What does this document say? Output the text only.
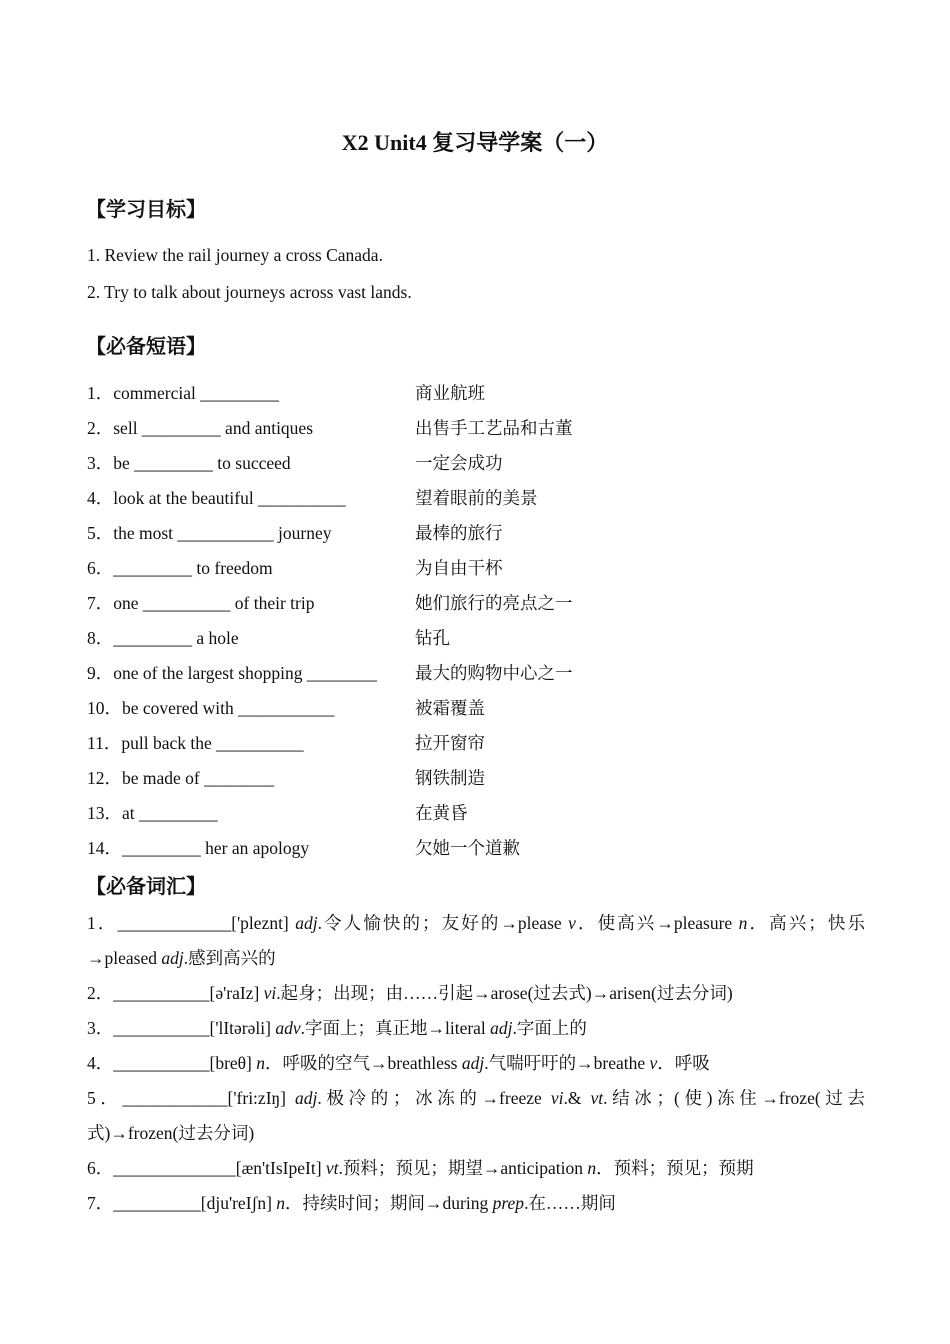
X2 Unit4 复习导学案（一）
【学习目标】
1. Review the rail journey a cross Canada.
2. Try to talk about journeys across vast lands.
【必备短语】
1．commercial _________	商业航班
2．sell _________ and antiques	出售手工艺品和古董
3．be _________ to succeed	一定会成功
4．look at the beautiful __________	望着眼前的美景
5．the most ___________ journey	最棒的旅行
6．_________ to freedom	为自由干杯
7．one __________ of their trip	她们旅行的亮点之一
8．_________ a hole	钻孔
9．one of the largest shopping ________ 最大的购物中心之一
10．be covered with ___________	被霜覆盖
11．pull back the __________	拉开窗帘
12．be made of ________	钢铁制造
13．at _________	在黄昏
14．_________ her an apology	欠她一个道歉
【必备词汇】
1．_____________['pleznt] adj.令人愉快的；友好的→please v．使高兴→pleasure n．高兴；快乐→pleased adj.感到高兴的
2．___________[ə'raIz] vi.起身；出现；由……引起→arose(过去式)→arisen(过去分词)
3．___________['lItərəli] adv.字面上；真正地→literal adj.字面上的
4．___________[breθ] n．呼吸的空气→breathless adj.气喘吁吁的→breathe v．呼吸
5．____________['fri:zIŋ] adj.极冷的；冰冻的→freeze vi.& vt.结冰；(使)冻住→froze(过去式)→frozen(过去分词)
6．______________[æn'tIsIpeIt] vt.预料；预见；期望→anticipation n．预料；预见；预期
7．__________[dju'reIʃn] n．持续时间；期间→during prep.在……期间
